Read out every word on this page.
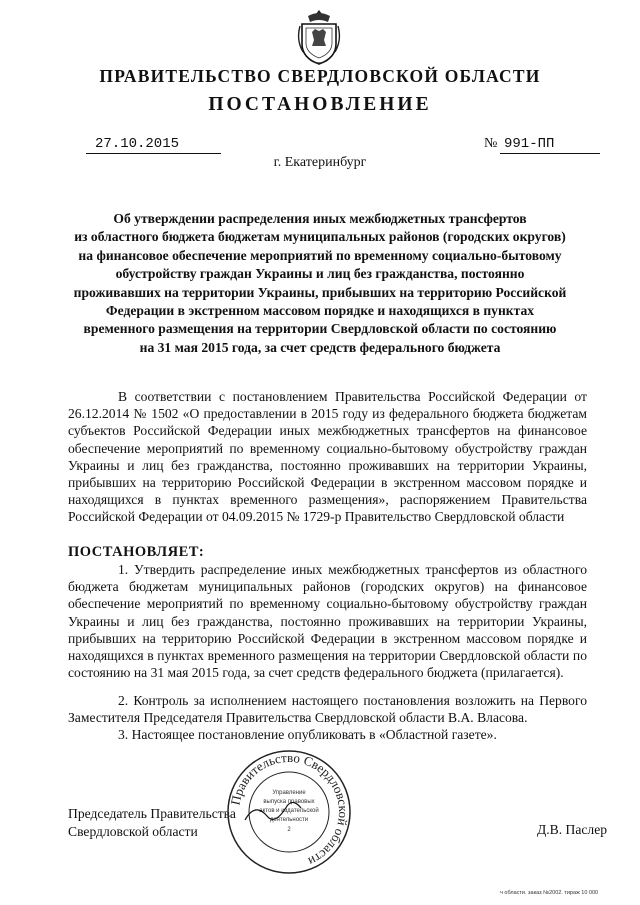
ПРАВИТЕЛЬСТВО СВЕРДЛОВСКОЙ ОБЛАСТИ
ПОСТАНОВЛЕНИЕ
27.10.2015	№ 991-ПП
г. Екатеринбург
Об утверждении распределения иных межбюджетных трансфертов
из областного бюджета бюджетам муниципальных районов (городских округов)
на финансовое обеспечение мероприятий по временному социально-бытовому
обустройству граждан Украины и лиц без гражданства, постоянно
проживавших на территории Украины, прибывших на территорию Российской
Федерации в экстренном массовом порядке и находящихся в пунктах
временного размещения на территории Свердловской области по состоянию
на 31 мая 2015 года, за счет средств федерального бюджета
В соответствии с постановлением Правительства Российской Федерации от 26.12.2014 № 1502 «О предоставлении в 2015 году из федерального бюджета бюджетам субъектов Российской Федерации иных межбюджетных трансфертов на финансовое обеспечение мероприятий по временному социально-бытовому обустройству граждан Украины и лиц без гражданства, постоянно проживавших на территории Украины, прибывших на территорию Российской Федерации в экстренном массовом порядке и находящихся в пунктах временного размещения», распоряжением Правительства Российской Федерации от 04.09.2015 № 1729-р Правительство Свердловской области
ПОСТАНОВЛЯЕТ:
1. Утвердить распределение иных межбюджетных трансфертов из областного бюджета бюджетам муниципальных районов (городских округов) на финансовое обеспечение мероприятий по временному социально-бытовому обустройству граждан Украины и лиц без гражданства, постоянно проживавших на территории Украины, прибывших на территорию Российской Федерации в экстренном массовом порядке и находящихся в пунктах временного размещения на территории Свердловской области по состоянию на 31 мая 2015 года, за счет средств федерального бюджета (прилагается).
2. Контроль за исполнением настоящего постановления возложить на Первого Заместителя Председателя Правительства Свердловской области В.А. Власова.
3. Настоящее постановление опубликовать в «Областной газете».
Председатель Правительства
Свердловской области	Д.В. Паслер
Правительство Свердловской области
Управление
выпуска правовых
актов и издательской
деятельности
2
ч области. заказ №2002. тираж 10 000
